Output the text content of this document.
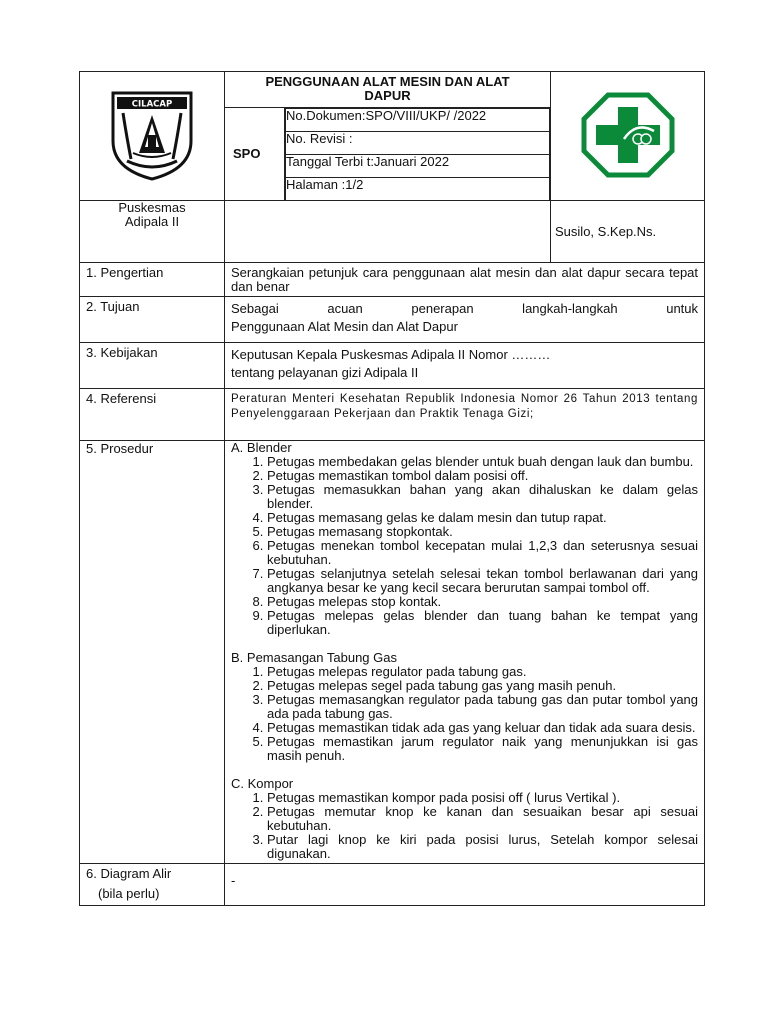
CILACAP

PENGGUNAAN ALAT MESIN DAN ALAT
DAPUR

SPO	
No.Dokumen:SPO/VIII/UKP/ /2022
No. Revisi :
Tanggal Terbi t:Januari 2022
Halaman :1/2

Puskesmas
Adipala II
		Susilo, S.Kep.Ns.
1. Pengertian	Serangkaian petunjuk cara penggunaan alat mesin dan alat dapur secara tepat dan benar
2. Tujuan	Sebagai acuan penerapan langkah-langkah untuk
Penggunaan Alat Mesin dan Alat Dapur

3. Kebijakan	Keputusan Kepala Puskesmas Adipala II Nomor ………
tentang pelayanan gizi Adipala II

4. Referensi	Peraturan Menteri Kesehatan Republik Indonesia Nomor 26 Tahun 2013 tentang Penyelenggaraan Pekerjaan dan Praktik Tenaga Gizi;

5. Prosedur	A. Blender
1. Petugas membedakan gelas blender untuk buah dengan lauk dan bumbu.
2. Petugas memastikan tombol dalam posisi off.
3. Petugas memasukkan bahan yang akan dihaluskan ke dalam gelas blender.
4. Petugas memasang gelas ke dalam mesin dan tutup rapat.
5. Petugas memasang stopkontak.
6. Petugas menekan tombol kecepatan mulai 1,2,3 dan seterusnya sesuai kebutuhan.
7. Petugas selanjutnya setelah selesai tekan tombol berlawanan dari yang angkanya besar ke yang kecil secara berurutan sampai tombol off.
8. Petugas melepas stop kontak.
9. Petugas melepas gelas blender dan tuang bahan ke tempat yang diperlukan.
B. Pemasangan Tabung Gas
1. Petugas melepas regulator pada tabung gas.
2. Petugas melepas segel pada tabung gas yang masih penuh.
3. Petugas memasangkan regulator pada tabung gas dan putar tombol yang ada pada tabung gas.
4. Petugas memastikan tidak ada gas yang keluar dan tidak ada suara desis.
5. Petugas memastikan jarum regulator naik yang menunjukkan isi gas masih penuh.
C. Kompor
1. Petugas memastikan kompor pada posisi off ( lurus Vertikal ).
2. Petugas memutar knop ke kanan dan sesuaikan besar api sesuai kebutuhan.
3. Putar lagi knop ke kiri pada posisi lurus, Setelah kompor selesai digunakan.

6. Diagram Alir
(bila perlu)
	-
